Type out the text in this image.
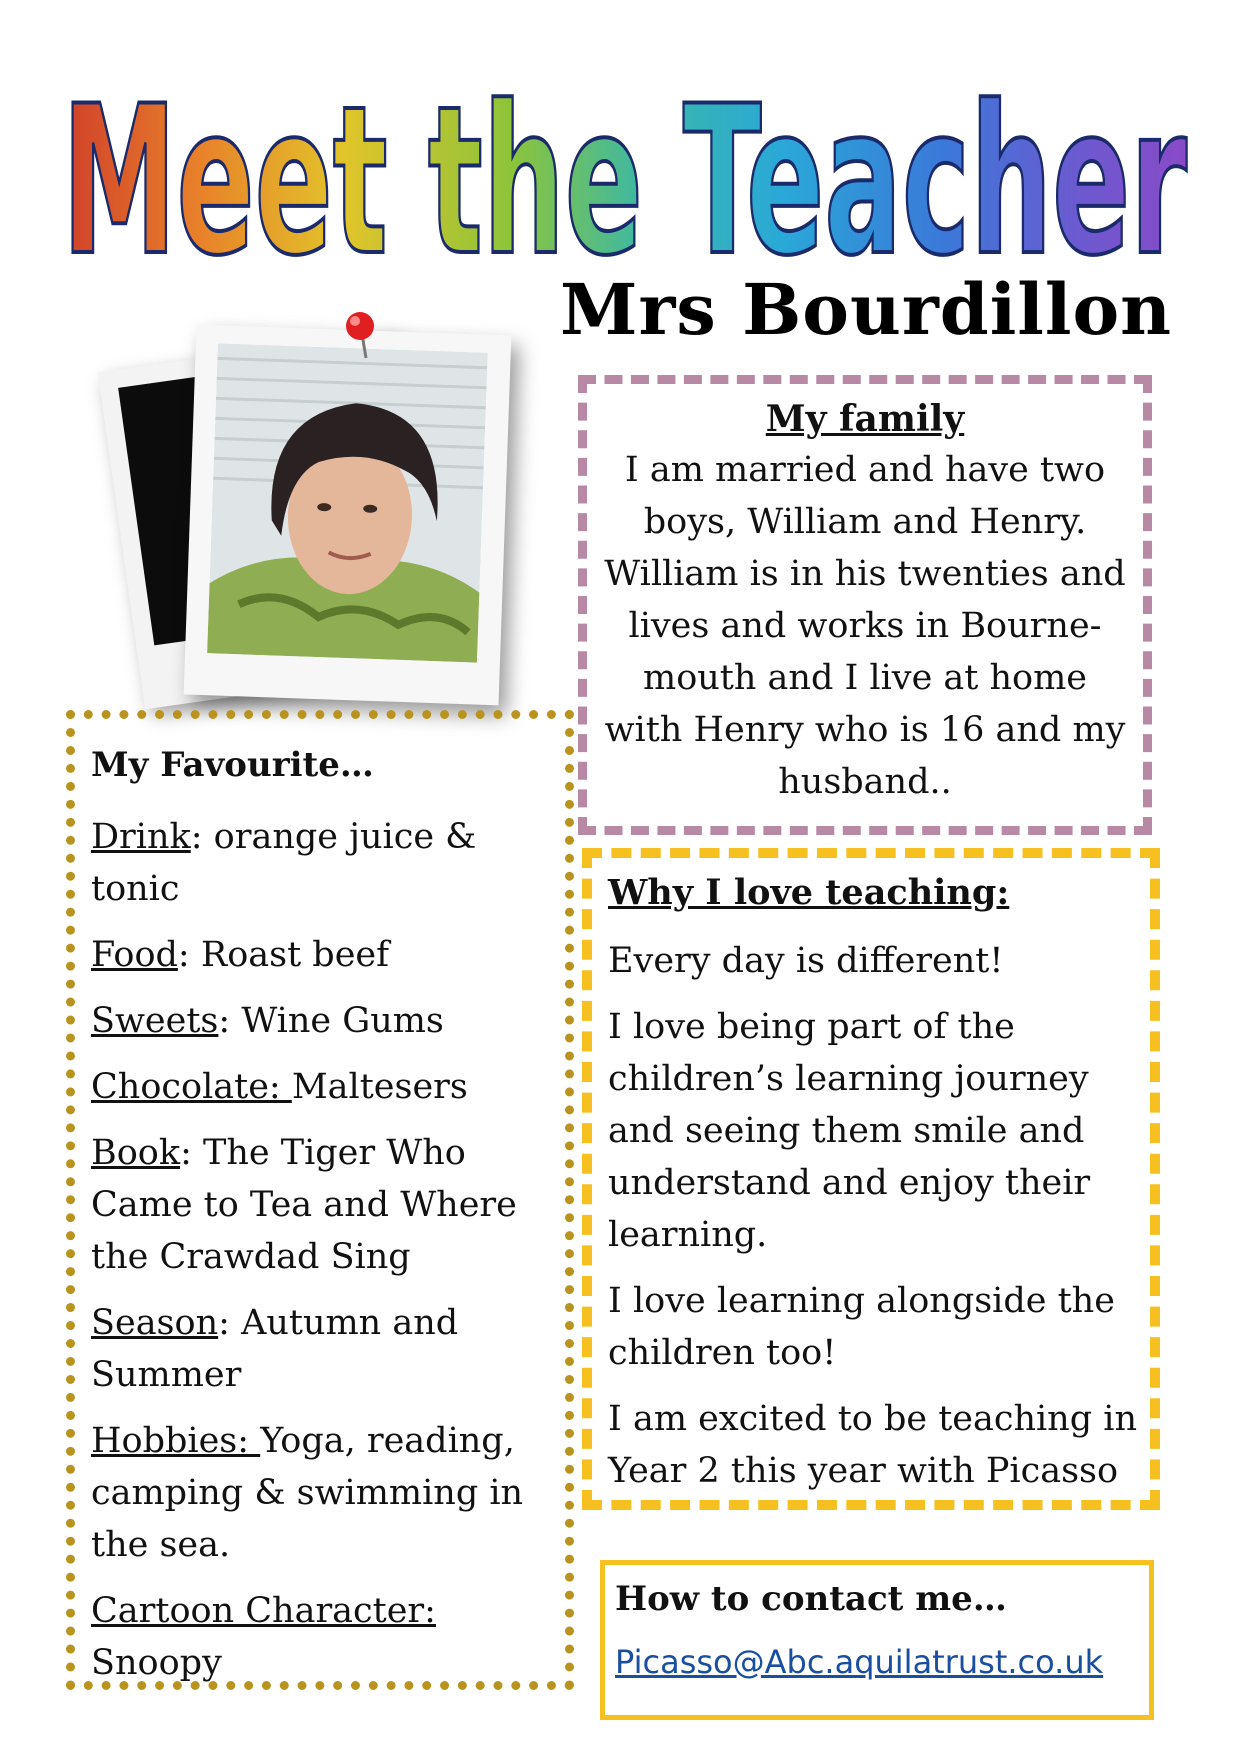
Meet the Teacher
Mrs Bourdillon

My family

I am married and have two boys, William and Henry. William is in his twenties and lives and works in Bourne-mouth and I live at home with Henry who is 16 and my husband..

My Favourite…

Drink: orange juice & tonic

Food: Roast beef

Sweets: Wine Gums

Chocolate: Maltesers

Book: The Tiger Who Came to Tea and Where the Crawdad Sing

Season: Autumn and Summer

Hobbies: Yoga, reading, camping & swimming in the sea.

Cartoon Character: Snoopy

Why I love teaching:

Every day is different!

I love being part of the children’s learning journey and seeing them smile and understand and enjoy their learning.

I love learning alongside the children too!

I am excited to be teaching in Year 2 this year with Picasso

How to contact me…

Picasso@Abc.aquilatrust.co.uk
